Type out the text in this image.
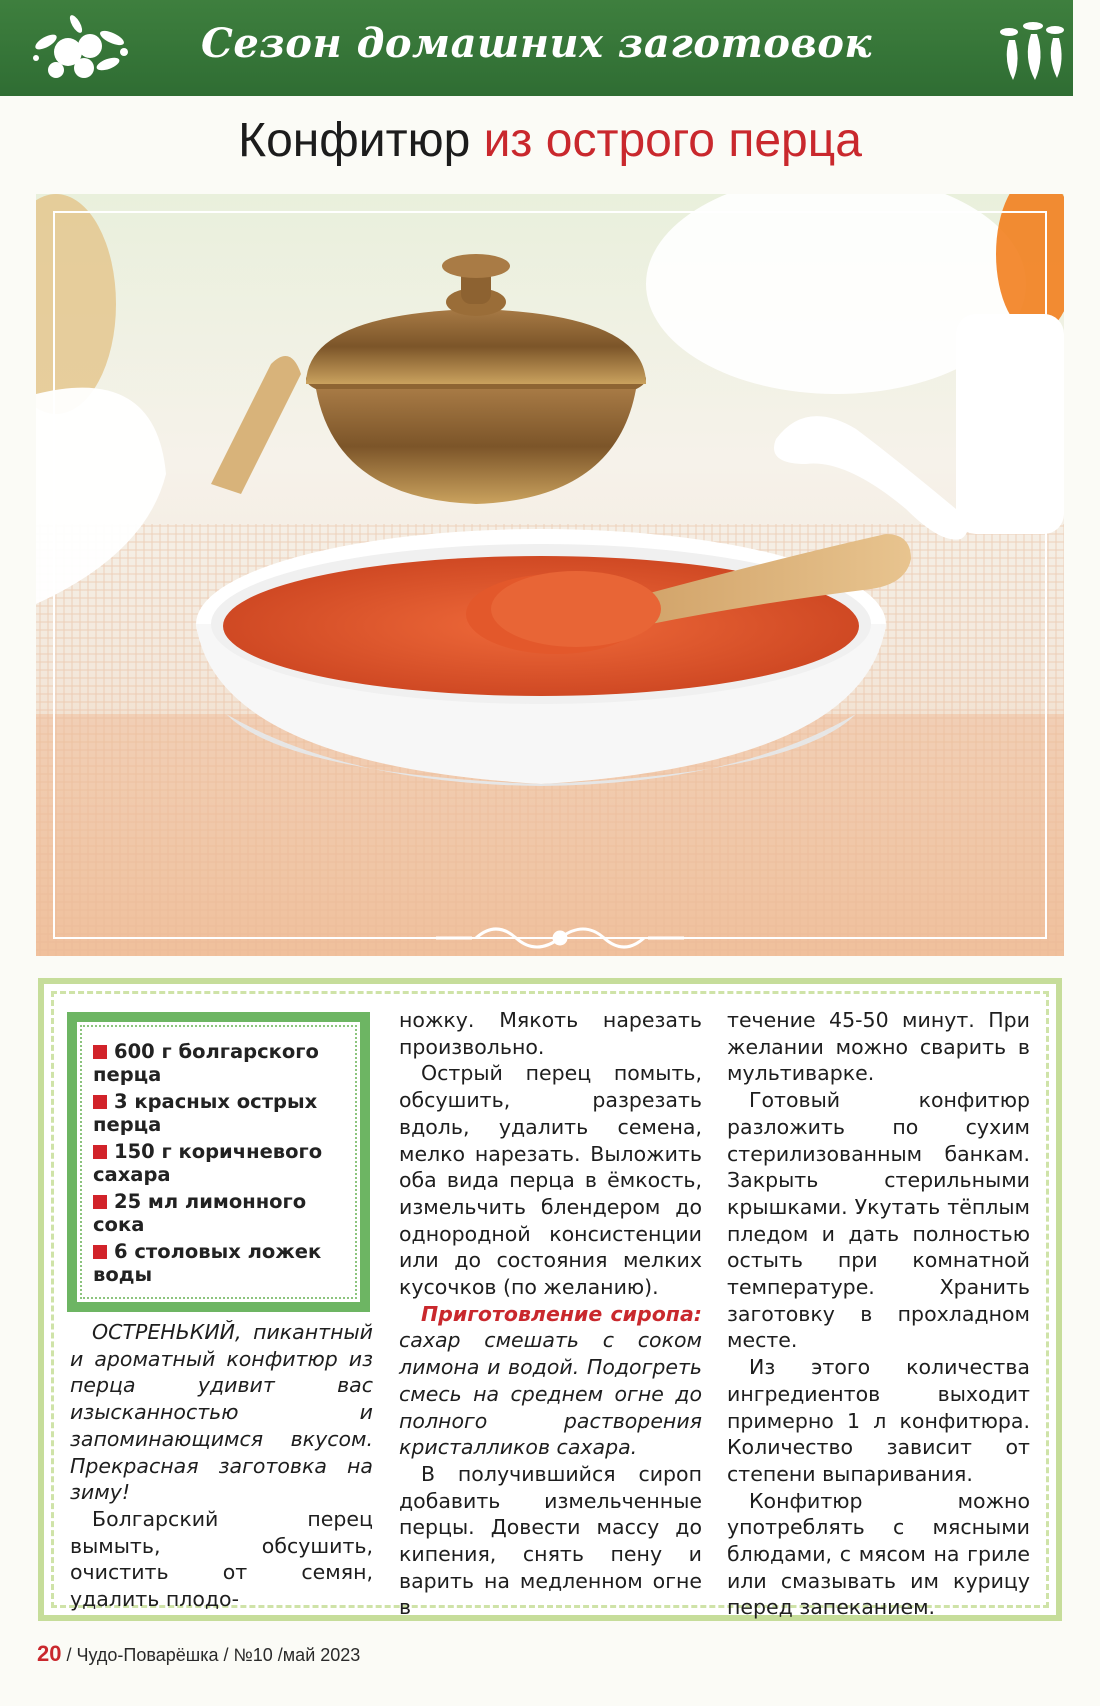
Сезон домашних заготовок
Конфитюр из острого перца
600 г болгарского перца
3 красных острых перца
150 г коричневого сахара
25 мл лимонного сока
6 столовых ложек воды

ОСТРЕНЬКИЙ, пикантный и ароматный конфитюр из перца удивит вас изысканностью и запоминающимся вкусом. Прекрасная заготовка на зиму!

Болгарский перец вымыть, обсушить, очистить от семян, удалить плодо-

ножку. Мякоть нарезать произвольно.

Острый перец помыть, обсушить, разрезать вдоль, удалить семена, мелко нарезать. Выложить оба вида перца в ёмкость, измельчить блендером до однородной консистенции или до состояния мелких кусочков (по желанию).

Приготовление сиропа: сахар смешать с соком лимона и водой. Подогреть смесь на среднем огне до полного растворения кристалликов сахара.

В получившийся сироп добавить измельченные перцы. Довести массу до кипения, снять пену и варить на медленном огне в

течение 45-50 минут. При желании можно сварить в мультиварке.

Готовый конфитюр разложить по сухим стерилизованным банкам. Закрыть стерильными крышками. Укутать тёплым пледом и дать полностью остыть при комнатной температуре. Хранить заготовку в прохладном месте.

Из этого количества ингредиентов выходит примерно 1 л конфитюра. Количество зависит от степени выпаривания.

Конфитюр можно употреблять с мясными блюдами, с мясом на гриле или смазывать им курицу перед запеканием.

20 / Чудо-Поварёшка / №10 /май 2023
